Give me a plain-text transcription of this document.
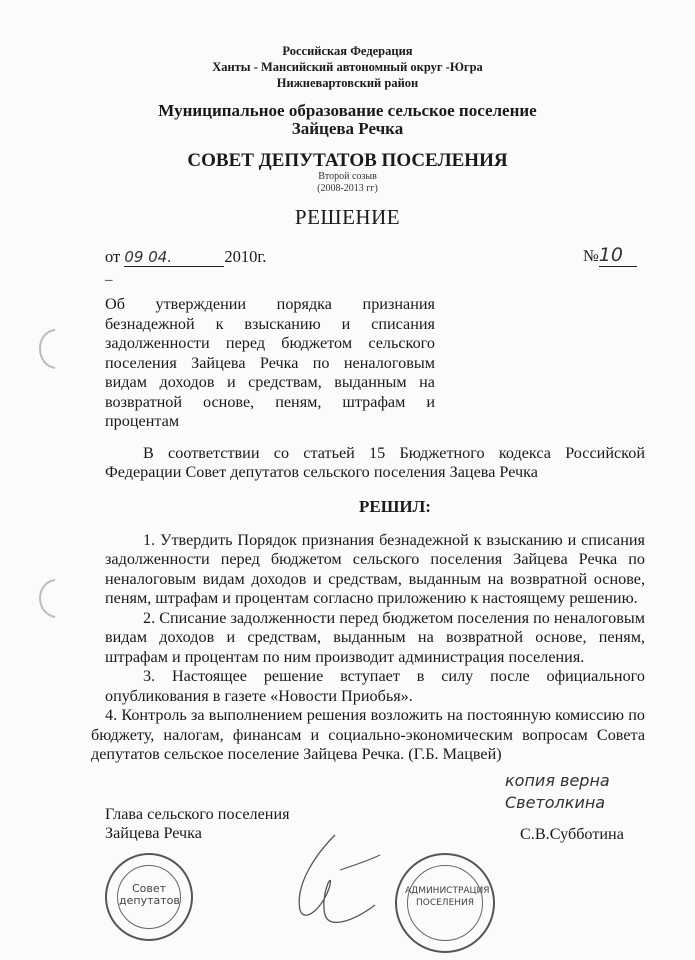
Российская Федерация
Ханты - Мансийский автономный округ -Югра
Нижневартовский район
Муниципальное образование сельское поселение
Зайцева Речка
СОВЕТ ДЕПУТАТОВ ПОСЕЛЕНИЯ
Второй созыв
(2008-2013 гг)
РЕШЕНИЕ
от 09 04.	2010г.	№10
–
Об утверждении порядка признания безнадежной к взысканию и списания задолженности перед бюджетом сельского поселения Зайцева Речка по неналоговым видам доходов и средствам, выданным на возвратной основе, пеням, штрафам и процентам
В соответствии со статьей 15 Бюджетного кодекса Российской Федерации Совет депутатов сельского поселения Зацева Речка
РЕШИЛ:
1. Утвердить Порядок признания безнадежной к взысканию и списания задолженности перед бюджетом сельского поселения Зайцева Речка по неналоговым видам доходов и средствам, выданным на возвратной основе, пеням, штрафам и процентам согласно приложению к настоящему решению.
2. Списание задолженности перед бюджетом поселения по неналоговым видам доходов и средствам, выданным на возвратной основе, пеням, штрафам и процентам по ним производит администрация поселения.
3. Настоящее решение вступает в силу после официального опубликования в газете «Новости Приобья».
4. Контроль за выполнением решения возложить на постоянную комиссию по бюджету, налогам, финансам и социально-экономическим вопросам Совета депутатов сельское поселение Зайцева Речка. (Г.Б. Мацвей)
Глава сельского поселения
Зайцева Речка	С.В.Субботина
копия верна
Светолкина
Совет депутатов
АДМИНИСТРАЦИЯ ПОСЕЛЕНИЯ
